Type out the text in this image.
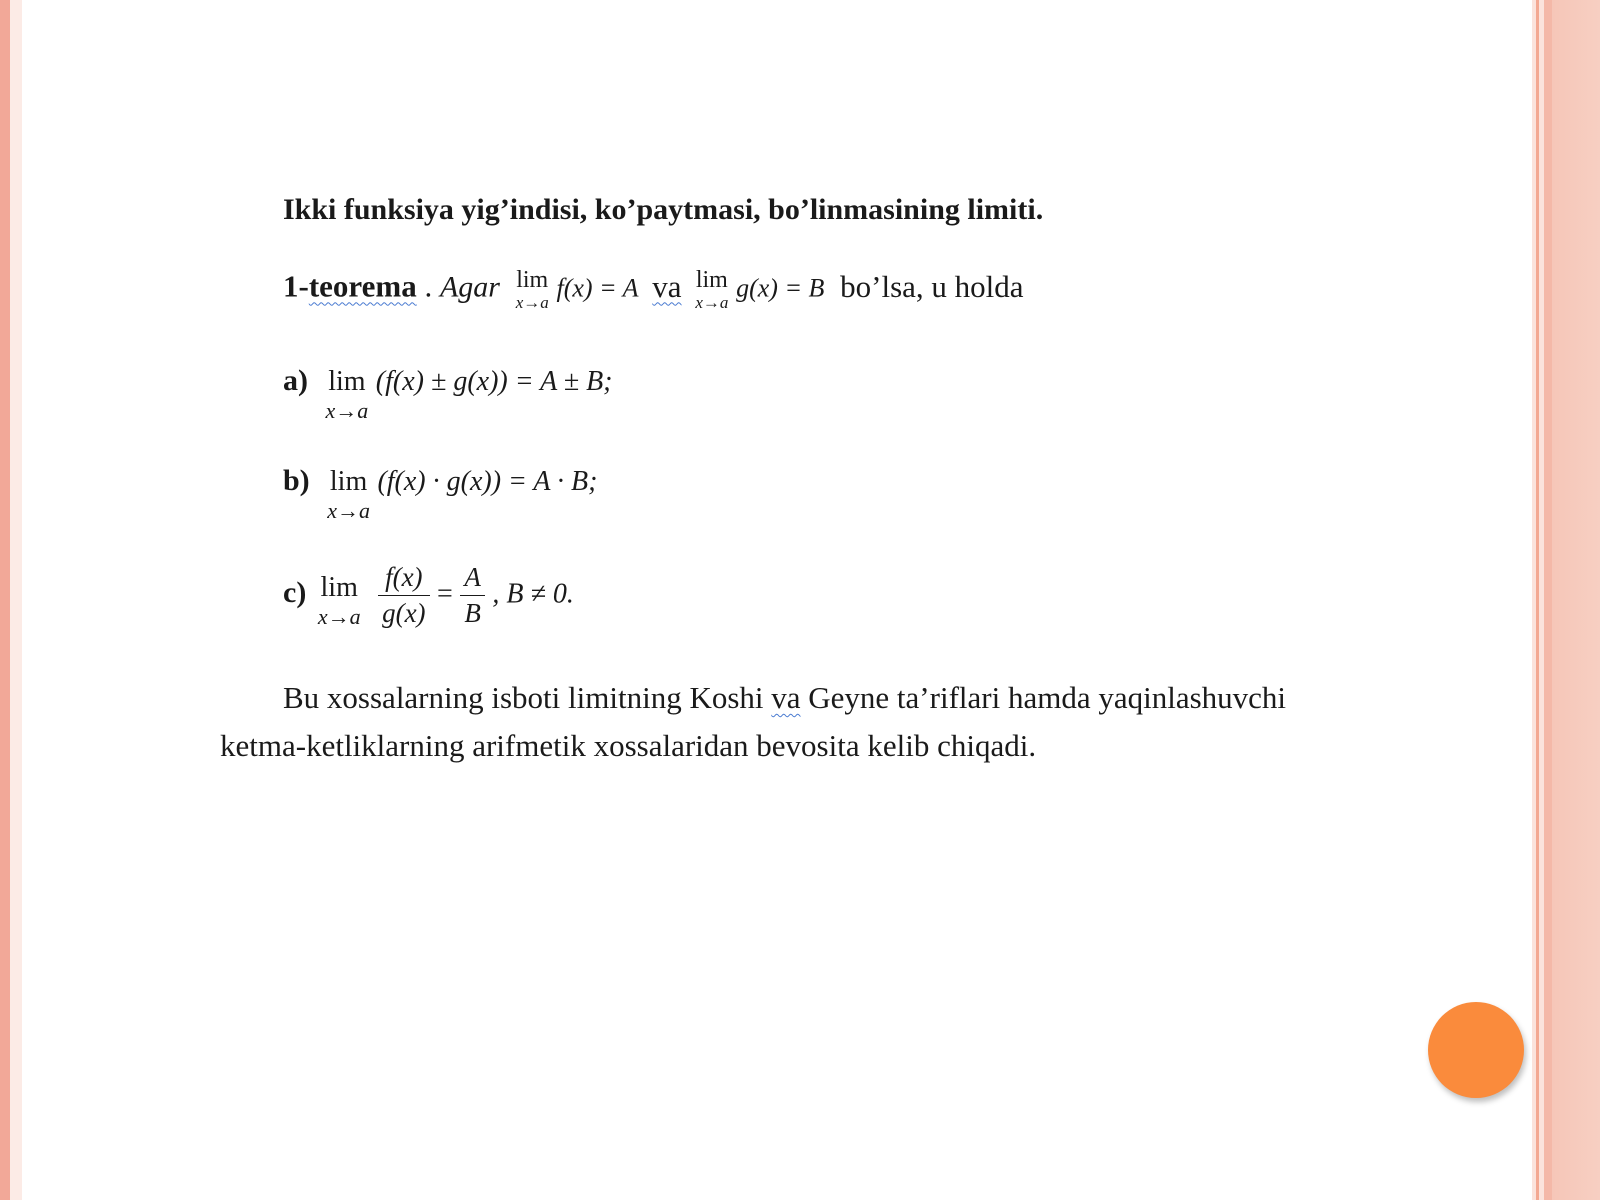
Ikki funksiya yig’indisi, ko’paytmasi, bo’linmasining limiti.
1-teorema . Agar lim
x→a f(x) = A va lim
x→a g(x) = B bo’lsa, u holda
a) lim
x→a
(f(x) ± g(x)) = A ± B;
b) lim
x→a
(f(x) · g(x)) = A · B;
c) lim
x→a
$\frac{f(x)}{g(x)} = \frac{A}{B}$ , B ≠ 0.
Bu xossalarning isboti limitning Koshi va Geyne ta’riflari hamda yaqinlashuvchi ketma-ketliklarning arifmetik xossalaridan bevosita kelib chiqadi.
